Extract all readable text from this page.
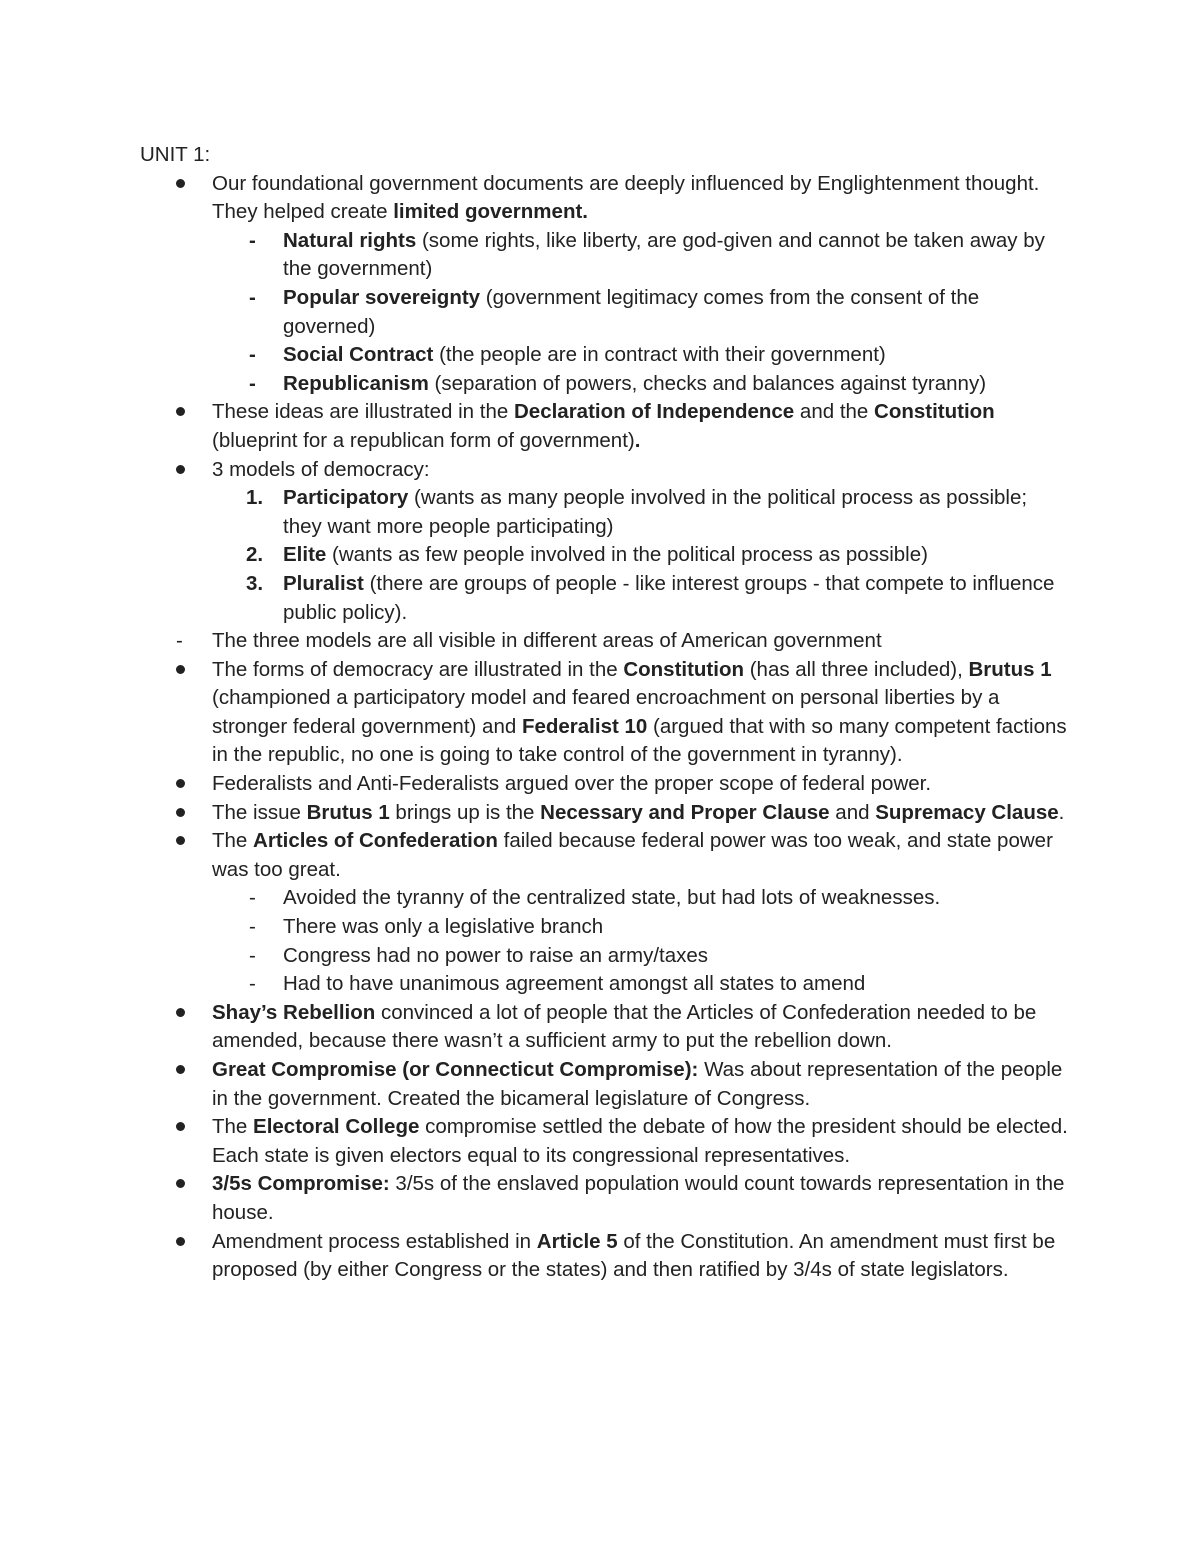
UNIT 1:

Our foundational government documents are deeply influenced by Englightenment thought. They helped create limited government.
- Natural rights (some rights, like liberty, are god-given and cannot be taken away by the government)
- Popular sovereignty (government legitimacy comes from the consent of the governed)
- Social Contract (the people are in contract with their government)
- Republicanism (separation of powers, checks and balances against tyranny)
These ideas are illustrated in the Declaration of Independence and the Constitution (blueprint for a republican form of government).
3 models of democracy:
1. Participatory (wants as many people involved in the political process as possible; they want more people participating)
2. Elite (wants as few people involved in the political process as possible)
3. Pluralist (there are groups of people - like interest groups - that compete to influence public policy).
- The three models are all visible in different areas of American government
The forms of democracy are illustrated in the Constitution (has all three included), Brutus 1 (championed a participatory model and feared encroachment on personal liberties by a stronger federal government) and Federalist 10 (argued that with so many competent factions in the republic, no one is going to take control of the government in tyranny).
Federalists and Anti-Federalists argued over the proper scope of federal power.
The issue Brutus 1 brings up is the Necessary and Proper Clause and Supremacy Clause.
The Articles of Confederation failed because federal power was too weak, and state power was too great.
- Avoided the tyranny of the centralized state, but had lots of weaknesses.
- There was only a legislative branch
- Congress had no power to raise an army/taxes
- Had to have unanimous agreement amongst all states to amend
Shay’s Rebellion convinced a lot of people that the Articles of Confederation needed to be amended, because there wasn’t a sufficient army to put the rebellion down.
Great Compromise (or Connecticut Compromise): Was about representation of the people in the government. Created the bicameral legislature of Congress.
The Electoral College compromise settled the debate of how the president should be elected. Each state is given electors equal to its congressional representatives.
3/5s Compromise: 3/5s of the enslaved population would count towards representation in the house.
Amendment process established in Article 5 of the Constitution. An amendment must first be proposed (by either Congress or the states) and then ratified by 3/4s of state legislators.
